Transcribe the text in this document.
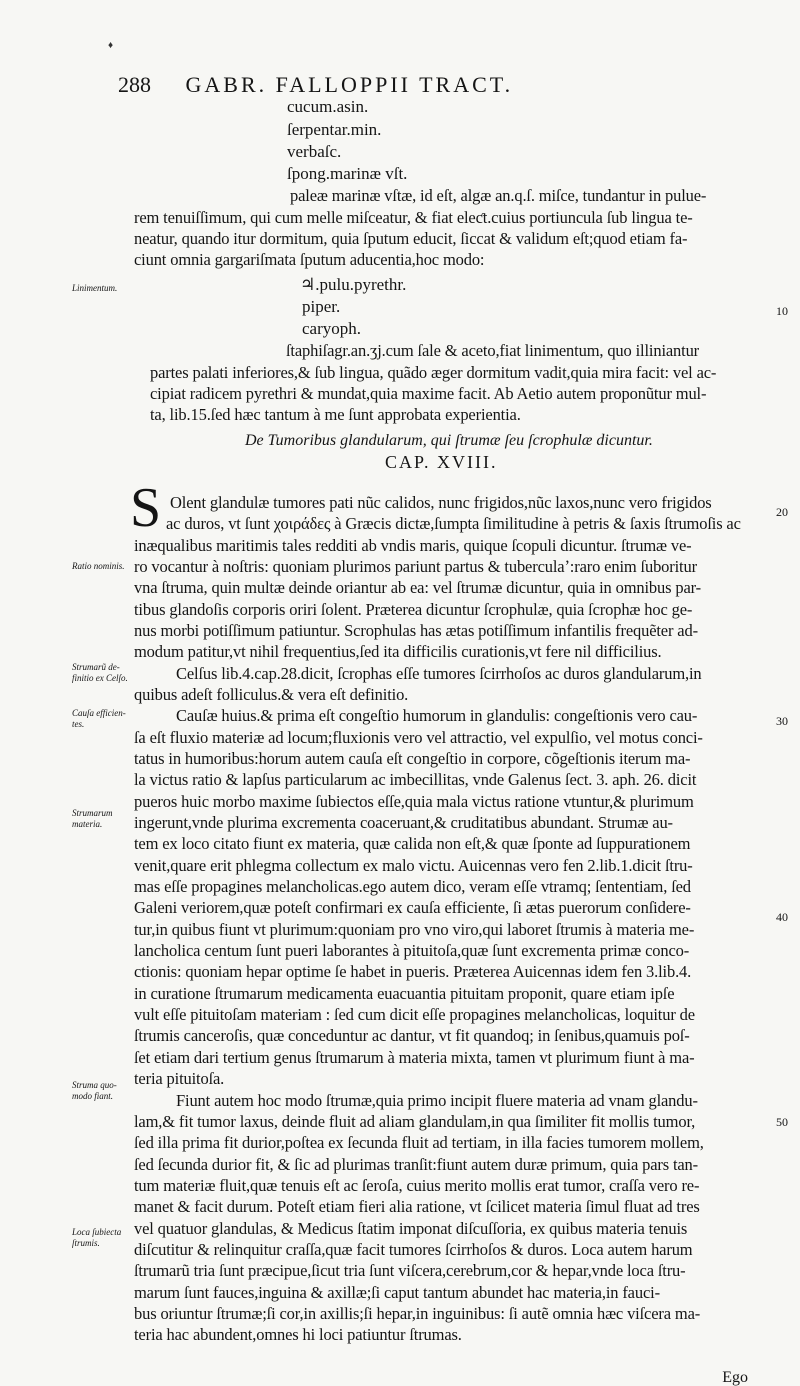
♦
288 GABR. FALLOPPII TRACT.
cucum.asin.
ſerpentar.min.
verbaſc.
ſpong.marinæ vſt.
paleæ marinæ vſtæ, id eſt, algæ an.q.ſ. miſce, tundantur in pulue-
rem tenuiſſimum, qui cum melle miſceatur, & fiat eleƈt.cuius portiuncula ſub lingua te-
neatur, quando itur dormitum, quia ſputum educit, ſiccat & validum eſt;quod etiam fa-
ciunt omnia gargariſmata ſputum aducentia,hoc modo:
♃.pulu.pyrethr.
piper.
caryoph.
ſtaphiſagr.an.ʒj.cum ſale & aceto,fiat linimentum, quo illiniantur
partes palati inferiores,& ſub lingua, quãdo æger dormitum vadit,quia mira facit: vel ac-
cipiat radicem pyrethri & mundat,quia maxime facit. Ab Aetio autem proponũtur mul-
ta, lib.15.ſed hæc tantum à me ſunt approbata experientia.
De Tumoribus glandularum, qui ſtrumæ ſeu ſcrophulæ dicuntur.
CAP. XVIII.
S Olent glandulæ tumores pati nũc calidos, nunc frigidos,nũc laxos,nunc vero frigidos
ac duros, vt ſunt χοιράδες à Græcis dictæ,ſumpta ſimilitudine à petris & ſaxis ſtrumoſis ac
inæqualibus maritimis tales redditi ab vndis maris, quique ſcopuli dicuntur. ſtrumæ ve-
ro vocantur à noſtris: quoniam plurimos pariunt partus & tuberculaʼ:raro enim ſuboritur
vna ſtruma, quin multæ deinde oriantur ab ea: vel ſtrumæ dicuntur, quia in omnibus par-
tibus glandoſis corporis oriri ſolent. Præterea dicuntur ſcrophulæ, quia ſcrophæ hoc ge-
nus morbi potiſſimum patiuntur. Scrophulas has ætas potiſſimum infantilis frequẽter ad-
modum patitur,vt nihil frequentius,ſed ita difficilis curationis,vt fere nil difficilius.
Celſus lib.4.cap.28.dicit, ſcrophas eſſe tumores ſcirrhoſos ac duros glandularum,in
quibus adeſt folliculus.& vera eſt definitio.
Cauſæ huius.& prima eſt congeſtio humorum in glandulis: congeſtionis vero cau-
ſa eſt fluxio materiæ ad locum;fluxionis vero vel attractio, vel expulſio, vel motus conci-
tatus in humoribus:horum autem cauſa eſt congeſtio in corpore, cõgeſtionis iterum ma-
la victus ratio & lapſus particularum ac imbecillitas, vnde Galenus ſect. 3. aph. 26. dicit
pueros huic morbo maxime ſubiectos eſſe,quia mala victus ratione vtuntur,& plurimum
ingerunt,vnde plurima excrementa coaceruant,& cruditatibus abundant. Strumæ au-
tem ex loco citato fiunt ex materia, quæ calida non eſt,& quæ ſponte ad ſuppurationem
venit,quare erit phlegma collectum ex malo victu. Auicennas vero fen 2.lib.1.dicit ſtru-
mas eſſe propagines melancholicas.ego autem dico, veram eſſe vtramq; ſententiam, ſed
Galeni veriorem,quæ poteſt confirmari ex cauſa efficiente, ſi ætas puerorum conſidere-
tur,in quibus fiunt vt plurimum:quoniam pro vno viro,qui laboret ſtrumis à materia me-
lancholica centum ſunt pueri laborantes à pituitoſa,quæ ſunt excrementa primæ conco-
ctionis: quoniam hepar optime ſe habet in pueris. Præterea Auicennas idem fen 3.lib.4.
in curatione ſtrumarum medicamenta euacuantia pituitam proponit, quare etiam ipſe
vult eſſe pituitoſam materiam : ſed cum dicit eſſe propagines melancholicas, loquitur de
ſtrumis canceroſis, quæ conceduntur ac dantur, vt fit quandoq; in ſenibus,quamuis poſ-
ſet etiam dari tertium genus ſtrumarum à materia mixta, tamen vt plurimum fiunt à ma-
teria pituitoſa.
Fiunt autem hoc modo ſtrumæ,quia primo incipit fluere materia ad vnam glandu-
lam,& fit tumor laxus, deinde fluit ad aliam glandulam,in qua ſimiliter fit mollis tumor,
ſed illa prima fit durior,poſtea ex ſecunda fluit ad tertiam, in illa facies tumorem mollem,
ſed ſecunda durior fit, & ſic ad plurimas tranſit:fiunt autem duræ primum, quia pars tan-
tum materiæ fluit,quæ tenuis eſt ac ſeroſa, cuius merito mollis erat tumor, craſſa vero re-
manet & facit durum. Poteſt etiam fieri alia ratione, vt ſcilicet materia ſimul fluat ad tres
vel quatuor glandulas, & Medicus ſtatim imponat diſcuſſoria, ex quibus materia tenuis
diſcutitur & relinquitur craſſa,quæ facit tumores ſcirrhoſos & duros. Loca autem harum
ſtrumarũ tria ſunt præcipue,ſicut tria ſunt viſcera,cerebrum,cor & hepar,vnde loca ſtru-
marum ſunt fauces,inguina & axillæ;ſi caput tantum abundet hac materia,in fauci-
bus oriuntur ſtrumæ;ſi cor,in axillis;ſi hepar,in inguinibus: ſi autẽ omnia hæc viſcera ma-
teria hac abundent,omnes hi loci patiuntur ſtrumas.
Linimentum.
Ratio nominis.
Strumarũ de-
finitio ex Celſo.
Cauſa efficien-
tes.
Strumarum
materia.
Struma quo-
modo fiant.
Loca ſubiecta
ſtrumis.
10
20
30
40
50
Ego
